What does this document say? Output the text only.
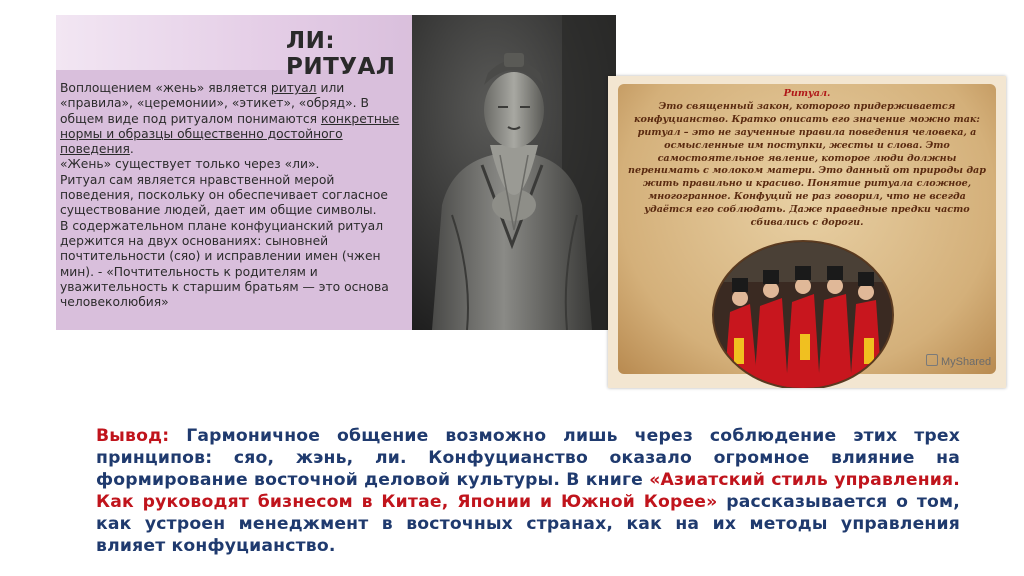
ЛИ: РИТУАЛ

Воплощением «жень» является ритуал или «правила», «церемонии», «этикет», «обряд». В общем виде под ритуалом понимаются конкретные нормы и образцы общественно достойного поведения.

«Жень» существует только через «ли».

Ритуал сам является нравственной мерой поведения, поскольку он обеспечивает согласное существование людей, дает им общие символы.

В содержательном плане конфуцианский ритуал держится на двух основаниях: сыновней почтительности (сяо) и исправлении имен (чжен мин). - «Почтительность к родителям и уважительность к старшим братьям — это основа человеколюбия»

Ритуал.
Это священный закон, которого придерживается конфуцианство. Кратко описать его значение можно так: ритуал – это не заученные правила поведения человека, а осмысленные им поступки, жесты и слова. Это самостоятельное явление, которое люди должны перенимать с молоком матери. Это данный от природы дар жить правильно и красиво. Понятие ритуала сложное, многогранное. Конфуций не раз говорил, что не всегда удаётся его соблюдать. Даже праведные предки часто сбивались с дороги.
MyShared
Вывод: Гармоничное общение возможно лишь через соблюдение этих трех принципов: сяо, жэнь, ли. Конфуцианство оказало огромное влияние на формирование восточной деловой культуры. В книге «Азиатский стиль управления. Как руководят бизнесом в Китае, Японии и Южной Корее» рассказывается о том, как устроен менеджмент в восточных странах, как на их методы управления влияет конфуцианство.
